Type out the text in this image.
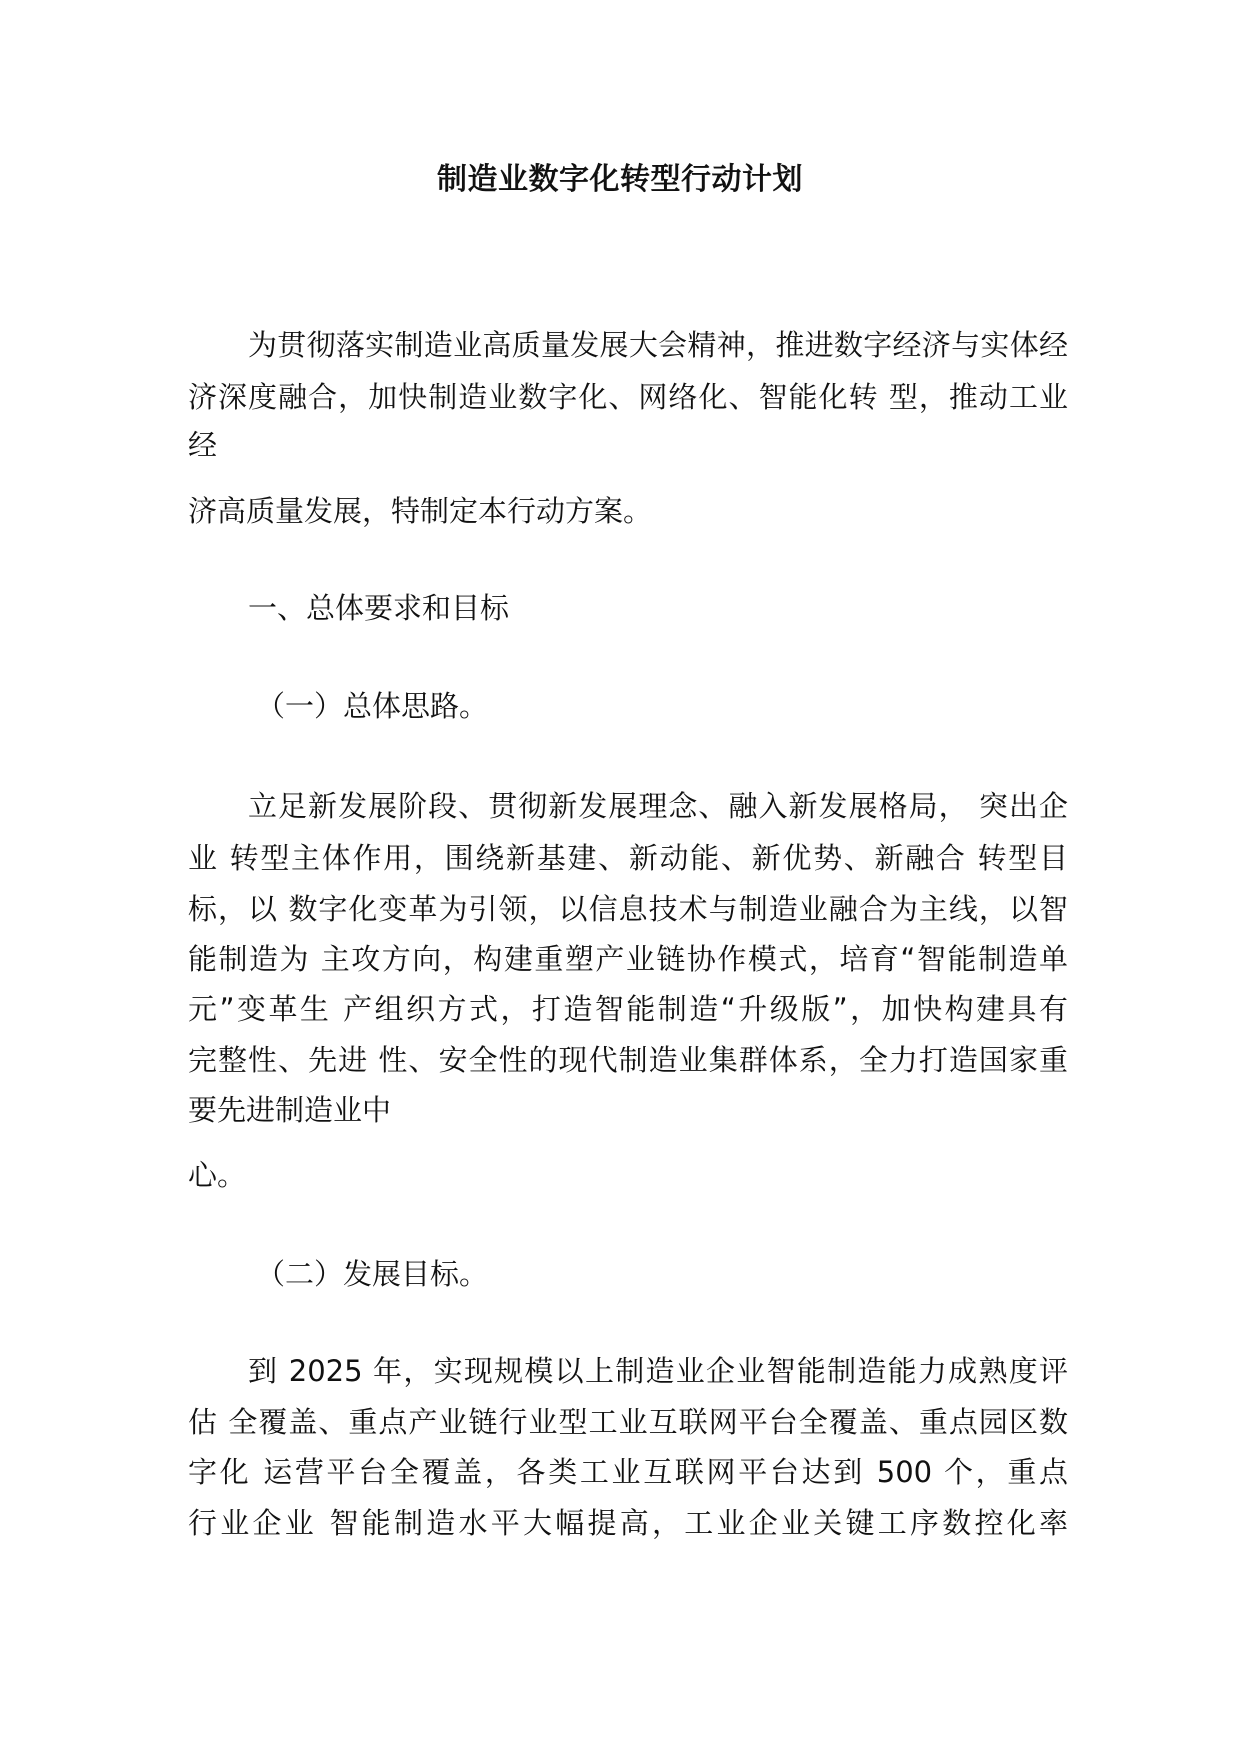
制造业数字化转型行动计划
为贯彻落实制造业高质量发展大会精神，推进数字经济与实体经
济深度融合，加快制造业数字化、网络化、智能化转 型，推动工业
经
济高质量发展，特制定本行动方案。
一、总体要求和目标
（一）总体思路。
立足新发展阶段、贯彻新发展理念、融入新发展格局， 突出企
业 转型主体作用，围绕新基建、新动能、新优势、新融合 转型目
标，以 数字化变革为引领，以信息技术与制造业融合为主线，以智
能制造为 主攻方向，构建重塑产业链协作模式，培育“智能制造单
元”变革生 产组织方式，打造智能制造“升级版”，加快构建具有
完整性、先进 性、安全性的现代制造业集群体系，全力打造国家重
要先进制造业中
心。
（二）发展目标。
到 2025 年，实现规模以上制造业企业智能制造能力成熟度评
估 全覆盖、重点产业链行业型工业互联网平台全覆盖、重点园区数
字化 运营平台全覆盖，各类工业互联网平台达到 500 个，重点
行业企业 智能制造水平大幅提高，工业企业关键工序数控化率
